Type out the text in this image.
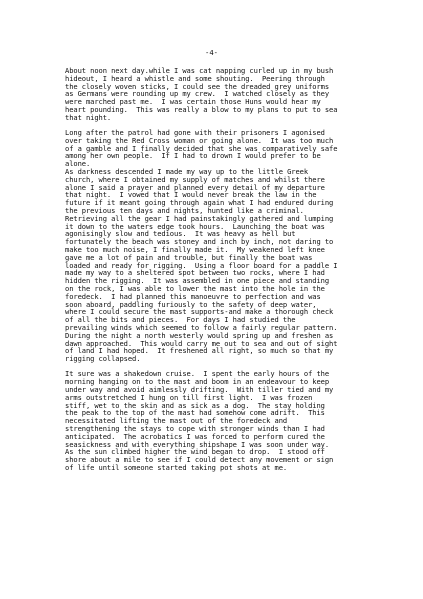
-4-
About noon next day.while I was cat napping curled up in my bush
hideout, I heard a whistle and some shouting.  Peering through
the closely woven sticks, I could see the dreaded grey uniforms
as Germans were rounding up my crew.  I watched closely as they
were marched past me.  I was certain those Huns would hear my
heart pounding.  This was really a blow to my plans to put to sea
that night.
Long after the patrol had gone with their prisoners I agonised
over taking the Red Cross woman or going alone.  It was too much
of a gamble and I finally decided that she was comparatively safe
among her own people.  If I had to drown I would prefer to be
alone.
As darkness descended I made my way up to the little Greek
church, where I obtained my supply of matches and whilst there
alone I said a prayer and planned every detail of my departure
that night.  I vowed that I would never break the law in the
future if it meant going through again what I had endured during
the previous ten days and nights, hunted like a criminal.
Retrieving all the gear I had painstakingly gathered and lumping
it down to the waters edge took hours.  Launching the boat was
agonisingly slow and tedious.  It was heavy as hell but
fortunately the beach was stoney and inch by inch, not daring to
make too much noise, I finally made it.  My weakened left knee
gave me a lot of pain and trouble, but finally the boat was
loaded and ready for rigging.  Using a floor board for a paddle I
made my way to a sheltered spot between two rocks, where I had
hidden the rigging.  It was assembled in one piece and standing
on the rock, I was able to lower the mast into the hole in the
foredeck.  I had planned this manoeuvre to perfection and was
soon aboard, paddling furiously to the safety of deep water,
where I could secure the mast supports-and make a thorough check
of all the bits and pieces.  For days I had studied the
prevailing winds which seemed to follow a fairly regular pattern.
During the night a north westerly would spring up and freshen as
dawn approached.  This would carry me out to sea and out of sight
of land I had hoped.  It freshened all right, so much so that my
rigging collapsed.
It sure was a shakedown cruise.  I spent the early hours of the
morning hanging on to the mast and boom in an endeavour to keep
under way and avoid aimlessly drifting.  With tiller tied and my
arms outstretched I hung on till first light.  I was frozen
stiff, wet to the skin and as sick as a dog.  The stay holding
the peak to the top of the mast had somehow come adrift.  This
necessitated lifting the mast out of the foredeck and
strengthening the stays to cope with stronger winds than I had
anticipated.  The acrobatics I was forced to perform cured the
seasickness and with everything shipshape I was soon under way.
As the sun climbed higher the wind began to drop.  I stood off
shore about a mile to see if I could detect any movement or sign
of life until someone started taking pot shots at me.
